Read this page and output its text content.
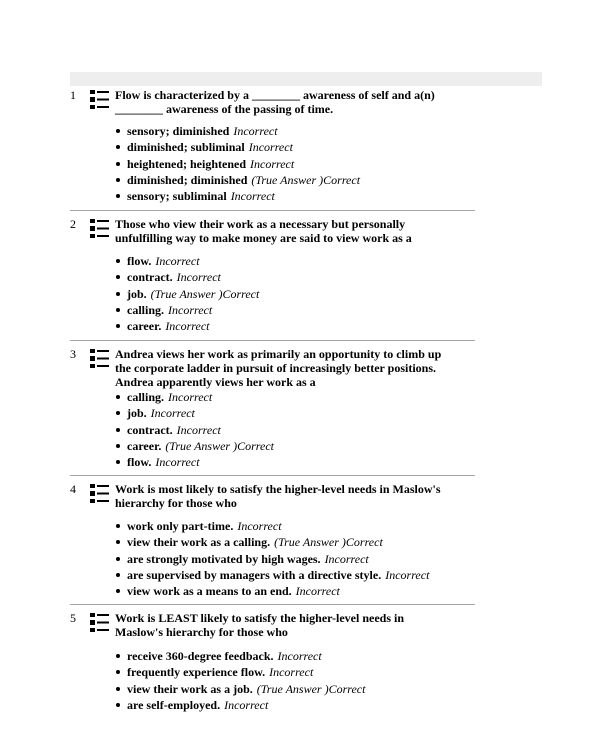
1	Flow is characterized by a ________ awareness of self and a(n) ________ awareness of the passing of time.
sensory; diminished Incorrect
diminished; subliminal Incorrect
heightened; heightened Incorrect
diminished; diminished (True Answer )Correct
sensory; subliminal Incorrect
2	Those who view their work as a necessary but personally unfulfilling way to make money are said to view work as a
flow. Incorrect
contract. Incorrect
job. (True Answer )Correct
calling. Incorrect
career. Incorrect
3	Andrea views her work as primarily an opportunity to climb up the corporate ladder in pursuit of increasingly better positions. Andrea apparently views her work as a
calling. Incorrect
job. Incorrect
contract. Incorrect
career. (True Answer )Correct
flow. Incorrect
4	Work is most likely to satisfy the higher-level needs in Maslow's hierarchy for those who
work only part-time. Incorrect
view their work as a calling. (True Answer )Correct
are strongly motivated by high wages. Incorrect
are supervised by managers with a directive style. Incorrect
view work as a means to an end. Incorrect
5	Work is LEAST likely to satisfy the higher-level needs in Maslow's hierarchy for those who
receive 360-degree feedback. Incorrect
frequently experience flow. Incorrect
view their work as a job. (True Answer )Correct
are self-employed. Incorrect
